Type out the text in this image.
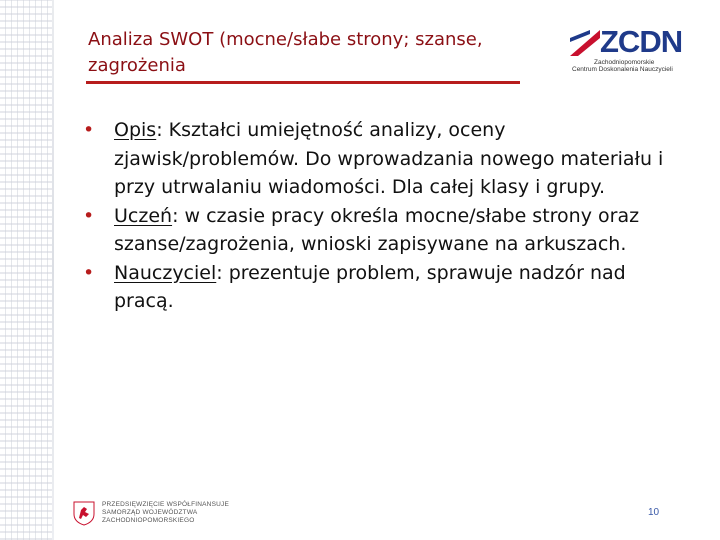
Analiza SWOT (mocne/słabe strony; szanse, zagrożenia
ZCDN
Zachodniopomorskie
Centrum Doskonalenia Nauczycieli
•	Opis: Kształci umiejętność analizy, oceny zjawisk/problemów. Do wprowadzania nowego materiału i przy utrwalaniu wiadomości. Dla całej klasy i grupy.
•	Uczeń: w czasie pracy określa mocne/słabe strony oraz szanse/zagrożenia, wnioski zapisywane na arkuszach.
•	Nauczyciel: prezentuje problem, sprawuje nadzór nad pracą.
PRZEDSIĘWZIĘCIE WSPÓŁFINANSUJE
SAMORZĄD WOJEWÓDZTWA
ZACHODNIOPOMORSKIEGO
10
